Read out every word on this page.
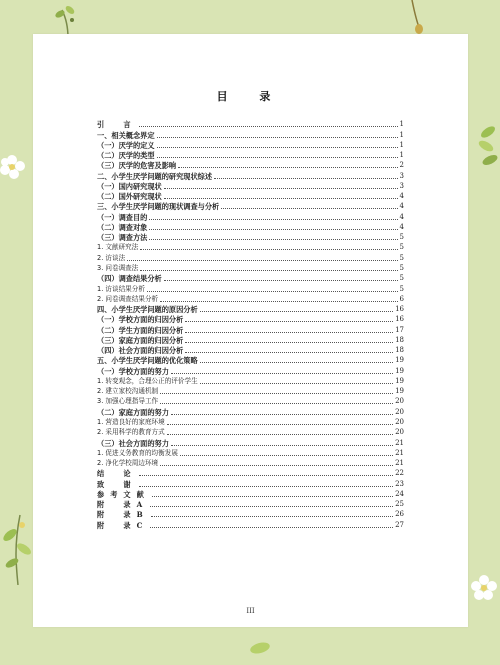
目 录
引　言	1
一、相关概念界定	1
（一）厌学的定义	1
（二）厌学的类型	1
（三）厌学的危害及影响	2
二、小学生厌学问题的研究现状综述	3
（一）国内研究现状	3
（二）国外研究现状	4
三、小学生厌学问题的现状调查与分析	4
（一）调查目的	4
（二）调查对象	4
（三）调查方法	5
1. 文献研究法	5
2. 访谈法	5
3. 问卷调查法	5
（四）调查结果分析	5
1. 访谈结果分析	5
2. 问卷调查结果分析	6
四、小学生厌学问题的原因分析	16
（一）学校方面的归因分析	16
（二）学生方面的归因分析	17
（三）家庭方面的归因分析	18
（四）社会方面的归因分析	18
五、小学生厌学问题的优化策略	19
（一）学校方面的努力	19
1. 转变观念，合理公正的评价学生	19
2. 建立家校沟通机制	19
3. 加强心理指导工作	20
（二）家庭方面的努力	20
1. 营造良好的家庭环境	20
2. 采用科学的教育方式	20
（三）社会方面的努力	21
1. 促进义务教育的均衡发展	21
2. 净化学校周边环境	21
结　论	22
致　谢	23
参考文献	24
附　录A	25
附　录B	26
附　录C	27
III
